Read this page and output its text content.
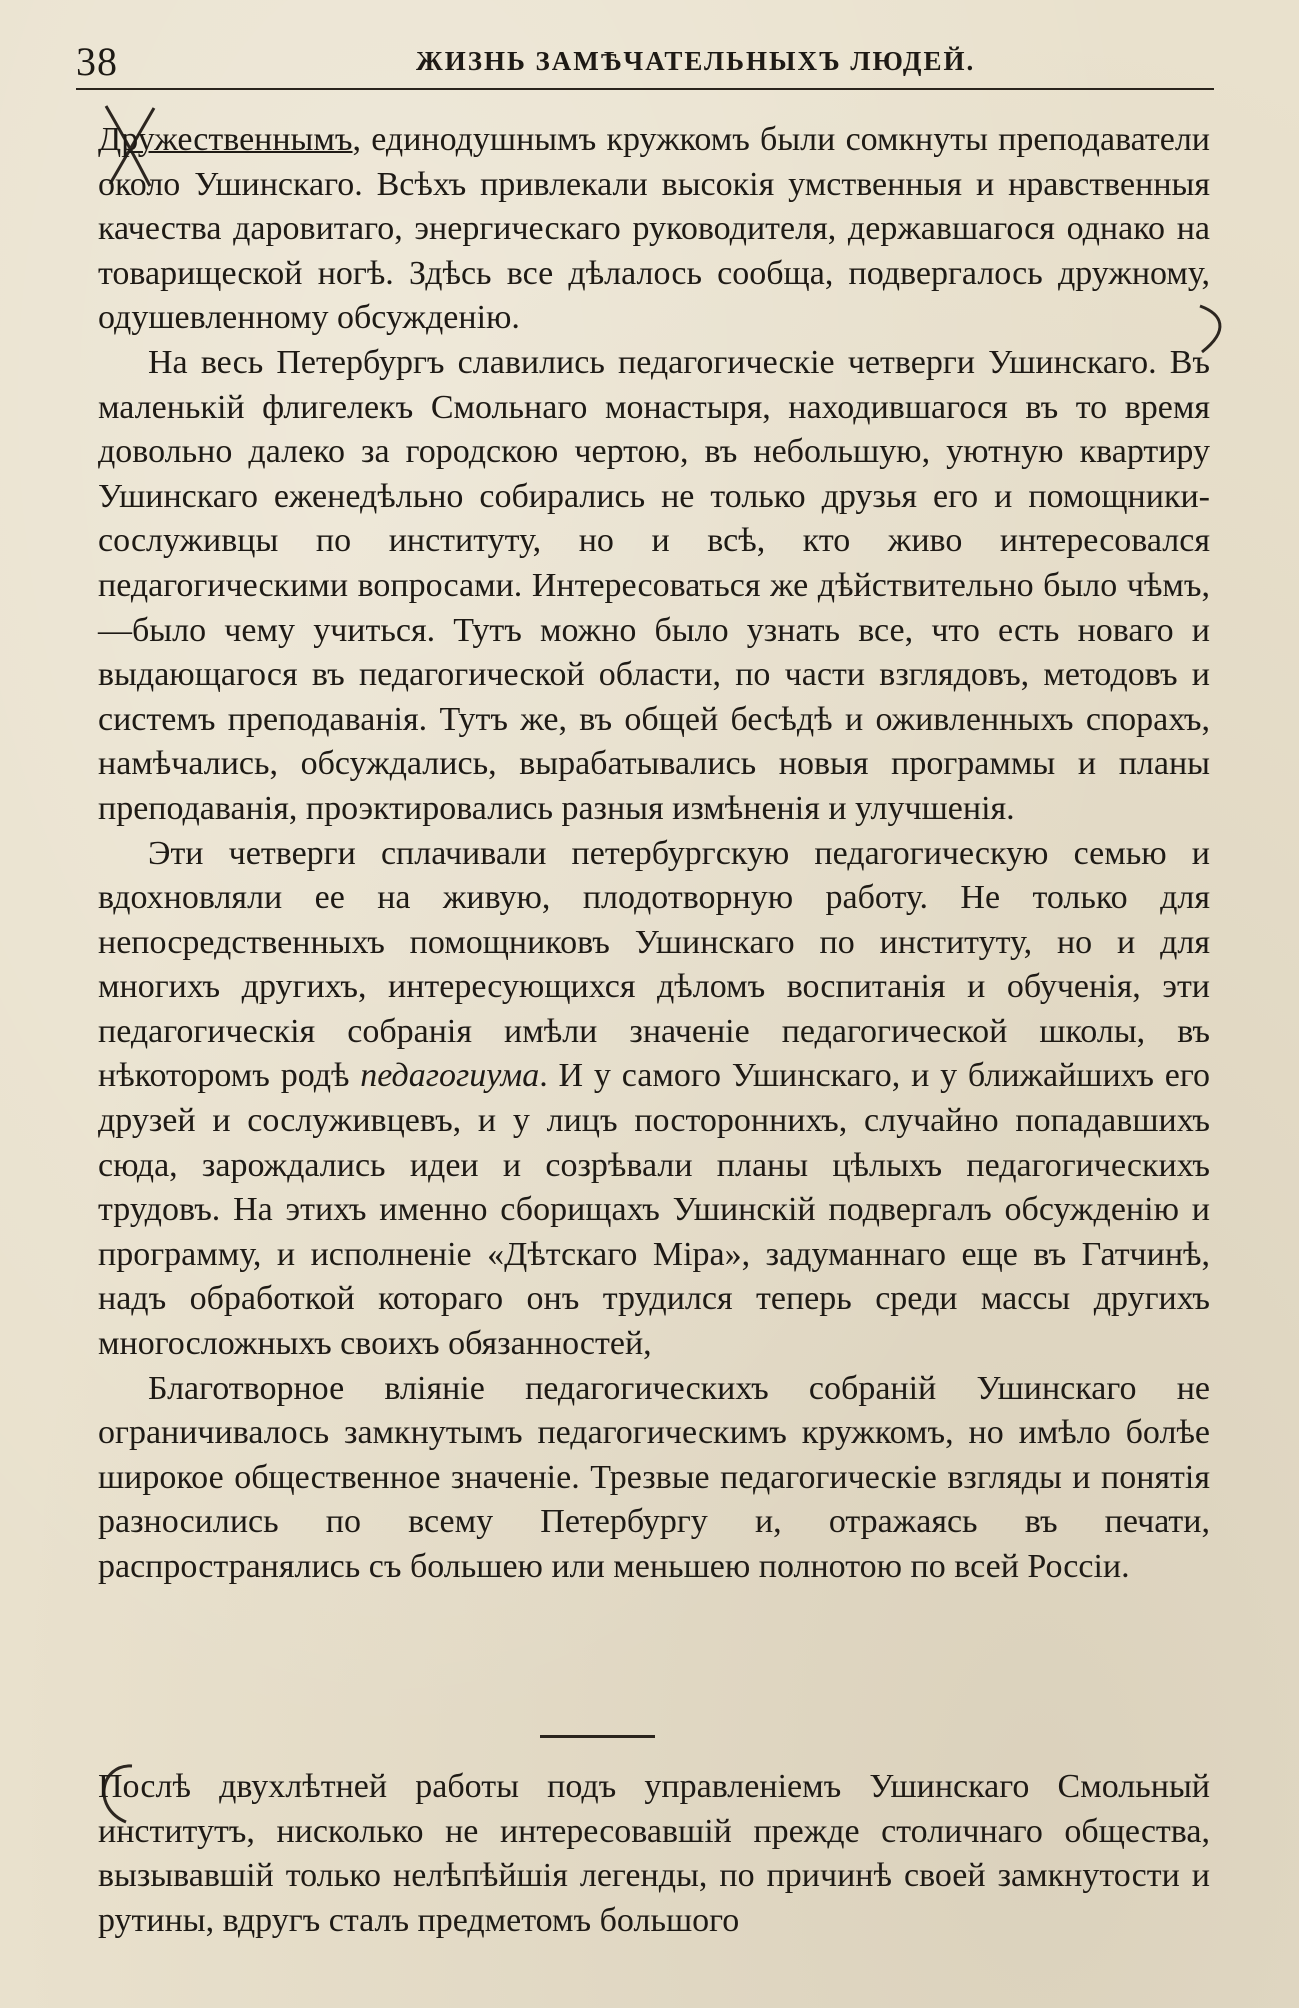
38	ЖИЗНЬ ЗАМѢЧАТЕЛЬНЫХЪ ЛЮДЕЙ.

Дружественнымъ, единодушнымъ кружкомъ были сомкнуты преподаватели около Ушинскаго. Всѣхъ привлекали высокія умственныя и нравственныя качества даровитаго, энергическаго руководителя, державшагося однако на товарищеской ногѣ. Здѣсь все дѣлалось сообща, подвергалось дружному, одушевленному обсужденію.

На весь Петербургъ славились педагогическіе четверги Ушинскаго. Въ маленькій флигелекъ Смольнаго монастыря, находившагося въ то время довольно далеко за городскою чертою, въ небольшую, уютную квартиру Ушинскаго еженедѣльно собирались не только друзья его и помощники-сослуживцы по институту, но и всѣ, кто живо интересовался педагогическими вопросами. Интересоваться же дѣйствительно было чѣмъ,—было чему учиться. Тутъ можно было узнать все, что есть новаго и выдающагося въ педагогической области, по части взглядовъ, методовъ и системъ преподаванія. Тутъ же, въ общей бесѣдѣ и оживленныхъ спорахъ, намѣчались, обсуждались, вырабатывались новыя программы и планы преподаванія, проэктировались разныя измѣненія и улучшенія.

Эти четверги сплачивали петербургскую педагогическую семью и вдохновляли ее на живую, плодотворную работу. Не только для непосредственныхъ помощниковъ Ушинскаго по институту, но и для многихъ другихъ, интересующихся дѣломъ воспитанія и обученія, эти педагогическія собранія имѣли значеніе педагогической школы, въ нѣкоторомъ родѣ педагогиума. И у самого Ушинскаго, и у ближайшихъ его друзей и сослуживцевъ, и у лицъ постороннихъ, случайно попадавшихъ сюда, зарождались идеи и созрѣвали планы цѣлыхъ педагогическихъ трудовъ. На этихъ именно сборищахъ Ушинскій подвергалъ обсужденію и программу, и исполненіе «Дѣтскаго Міра», задуманнаго еще въ Гатчинѣ, надъ обработкой котораго онъ трудился теперь среди массы другихъ многосложныхъ своихъ обязанностей,

Благотворное вліяніе педагогическихъ собраній Ушинскаго не ограничивалось замкнутымъ педагогическимъ кружкомъ, но имѣло болѣе широкое общественное значеніе. Трезвые педагогическіе взгляды и понятія разносились по всему Петербургу и, отражаясь въ печати, распространялись съ большею или меньшею полнотою по всей Россіи.

Послѣ двухлѣтней работы подъ управленіемъ Ушинскаго Смольный институтъ, нисколько не интересовавшій прежде столичнаго общества, вызывавшій только нелѣпѣйшія легенды, по причинѣ своей замкнутости и рутины, вдругъ сталъ предметомъ большого
